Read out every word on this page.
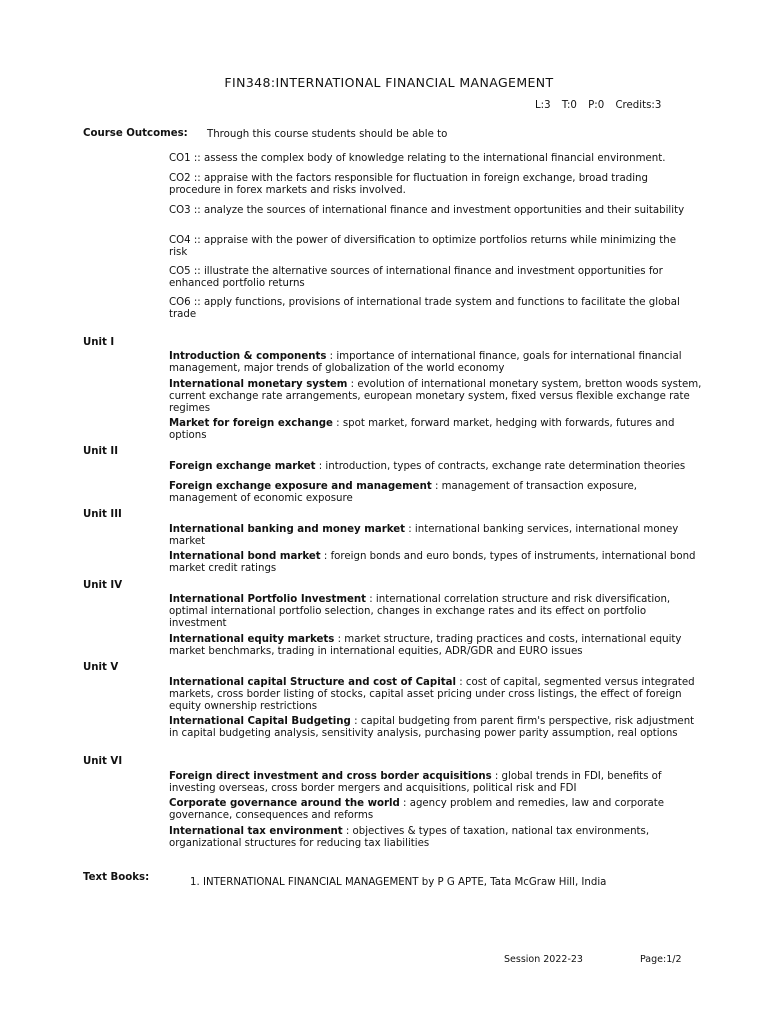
FIN348:INTERNATIONAL FINANCIAL MANAGEMENT
L:3 T:0 P:0 Credits:3
Course Outcomes: Through this course students should be able to
CO1 :: assess the complex body of knowledge relating to the international financial environment.
CO2 :: appraise with the factors responsible for fluctuation in foreign exchange, broad trading procedure in forex markets and risks involved.
CO3 :: analyze the sources of international finance and investment opportunities and their suitability
CO4 :: appraise with the power of diversification to optimize portfolios returns while minimizing the risk
CO5 :: illustrate the alternative sources of international finance and investment opportunities for enhanced portfolio returns
CO6 :: apply functions, provisions of international trade system and functions to facilitate the global trade
Unit I
Introduction & components : importance of international finance, goals for international financial management, major trends of globalization of the world economy
International monetary system : evolution of international monetary system, bretton woods system, current exchange rate arrangements, european monetary system, fixed versus flexible exchange rate regimes
Market for foreign exchange : spot market, forward market, hedging with forwards, futures and options
Unit II
Foreign exchange market : introduction, types of contracts, exchange rate determination theories
Foreign exchange exposure and management : management of transaction exposure, management of economic exposure
Unit III
International banking and money market : international banking services, international money market
International bond market : foreign bonds and euro bonds, types of instruments, international bond market credit ratings
Unit IV
International Portfolio Investment : international correlation structure and risk diversification, optimal international portfolio selection, changes in exchange rates and its effect on portfolio investment
International equity markets : market structure, trading practices and costs, international equity market benchmarks, trading in international equities, ADR/GDR and EURO issues
Unit V
International capital Structure and cost of Capital : cost of capital, segmented versus integrated markets, cross border listing of stocks, capital asset pricing under cross listings, the effect of foreign equity ownership restrictions
International Capital Budgeting : capital budgeting from parent firm's perspective, risk adjustment in capital budgeting analysis, sensitivity analysis, purchasing power parity assumption, real options
Unit VI
Foreign direct investment and cross border acquisitions : global trends in FDI, benefits of investing overseas, cross border mergers and acquisitions, political risk and FDI
Corporate governance around the world : agency problem and remedies, law and corporate governance, consequences and reforms
International tax environment : objectives & types of taxation, national tax environments, organizational structures for reducing tax liabilities
Text Books:	1. INTERNATIONAL FINANCIAL MANAGEMENT by P G APTE, Tata McGraw Hill, India
Session 2022-23	Page:1/2
